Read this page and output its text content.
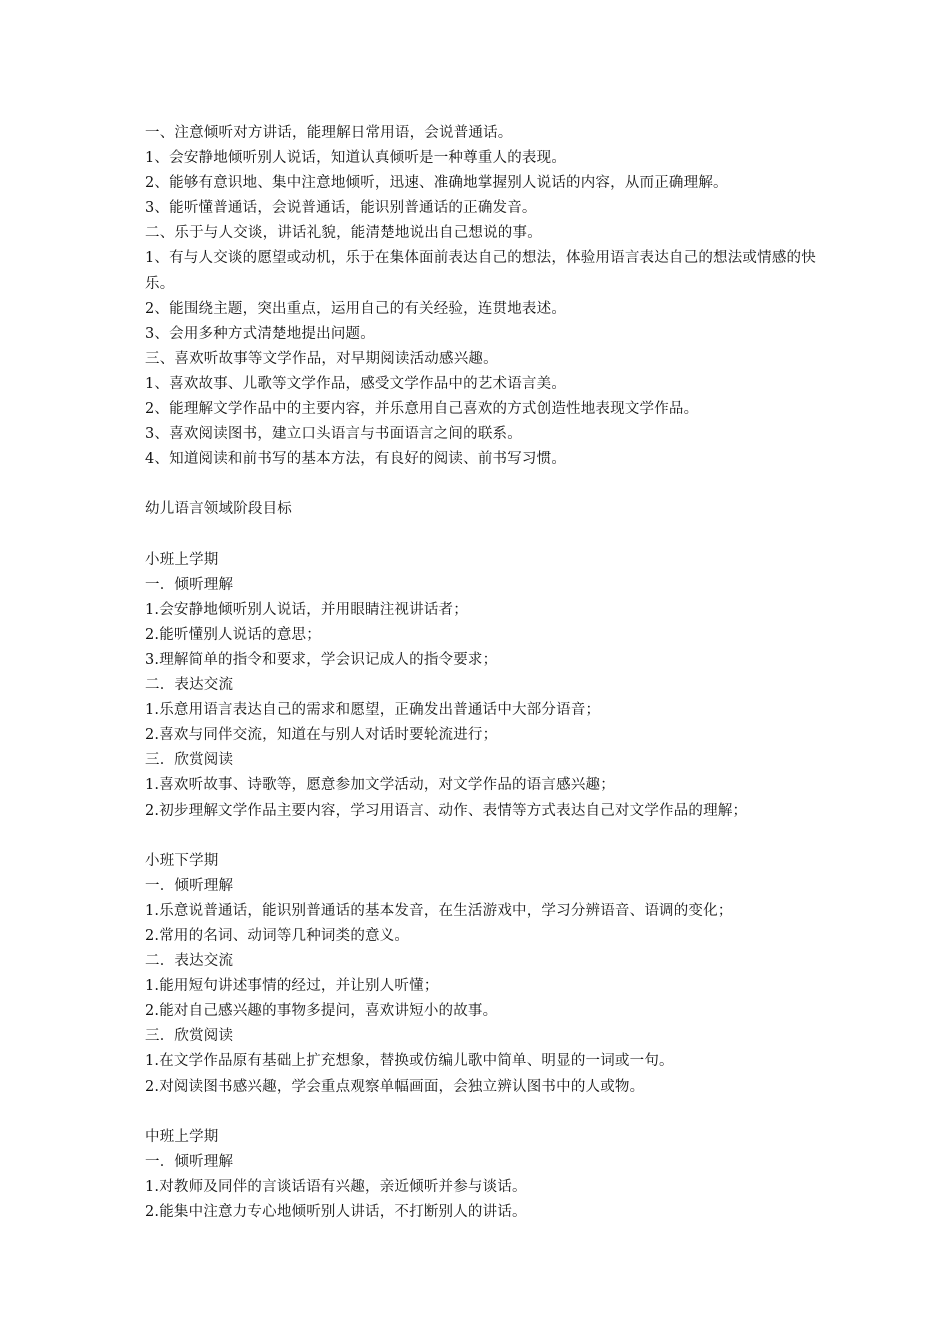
一、注意倾听对方讲话，能理解日常用语，会说普通话。
1、会安静地倾听别人说话，知道认真倾听是一种尊重人的表现。
2、能够有意识地、集中注意地倾听，迅速、准确地掌握别人说话的内容，从而正确理解。
3、能听懂普通话，会说普通话，能识别普通话的正确发音。
二、乐于与人交谈，讲话礼貌，能清楚地说出自己想说的事。
1、有与人交谈的愿望或动机，乐于在集体面前表达自己的想法，体验用语言表达自己的想法或情感的快乐。
2、能围绕主题，突出重点，运用自己的有关经验，连贯地表述。
3、会用多种方式清楚地提出问题。
三、喜欢听故事等文学作品，对早期阅读活动感兴趣。
1、喜欢故事、儿歌等文学作品，感受文学作品中的艺术语言美。
2、能理解文学作品中的主要内容，并乐意用自己喜欢的方式创造性地表现文学作品。
3、喜欢阅读图书，建立口头语言与书面语言之间的联系。
4、知道阅读和前书写的基本方法，有良好的阅读、前书写习惯。
幼儿语言领域阶段目标
小班上学期
一．倾听理解
1.会安静地倾听别人说话，并用眼睛注视讲话者；
2.能听懂别人说话的意思；
3.理解简单的指令和要求，学会识记成人的指令要求；
二．表达交流
1.乐意用语言表达自己的需求和愿望，正确发出普通话中大部分语音；
2.喜欢与同伴交流，知道在与别人对话时要轮流进行；
三．欣赏阅读
1.喜欢听故事、诗歌等，愿意参加文学活动，对文学作品的语言感兴趣；
2.初步理解文学作品主要内容，学习用语言、动作、表情等方式表达自己对文学作品的理解；
小班下学期
一．倾听理解
1.乐意说普通话，能识别普通话的基本发音，在生活游戏中，学习分辨语音、语调的变化；
2.常用的名词、动词等几种词类的意义。
二．表达交流
1.能用短句讲述事情的经过，并让别人听懂；
2.能对自己感兴趣的事物多提问，喜欢讲短小的故事。
三．欣赏阅读
1.在文学作品原有基础上扩充想象，替换或仿编儿歌中简单、明显的一词或一句。
2.对阅读图书感兴趣，学会重点观察单幅画面，会独立辨认图书中的人或物。
中班上学期
一．倾听理解
1.对教师及同伴的言谈话语有兴趣，亲近倾听并参与谈话。
2.能集中注意力专心地倾听别人讲话，不打断别人的讲话。
